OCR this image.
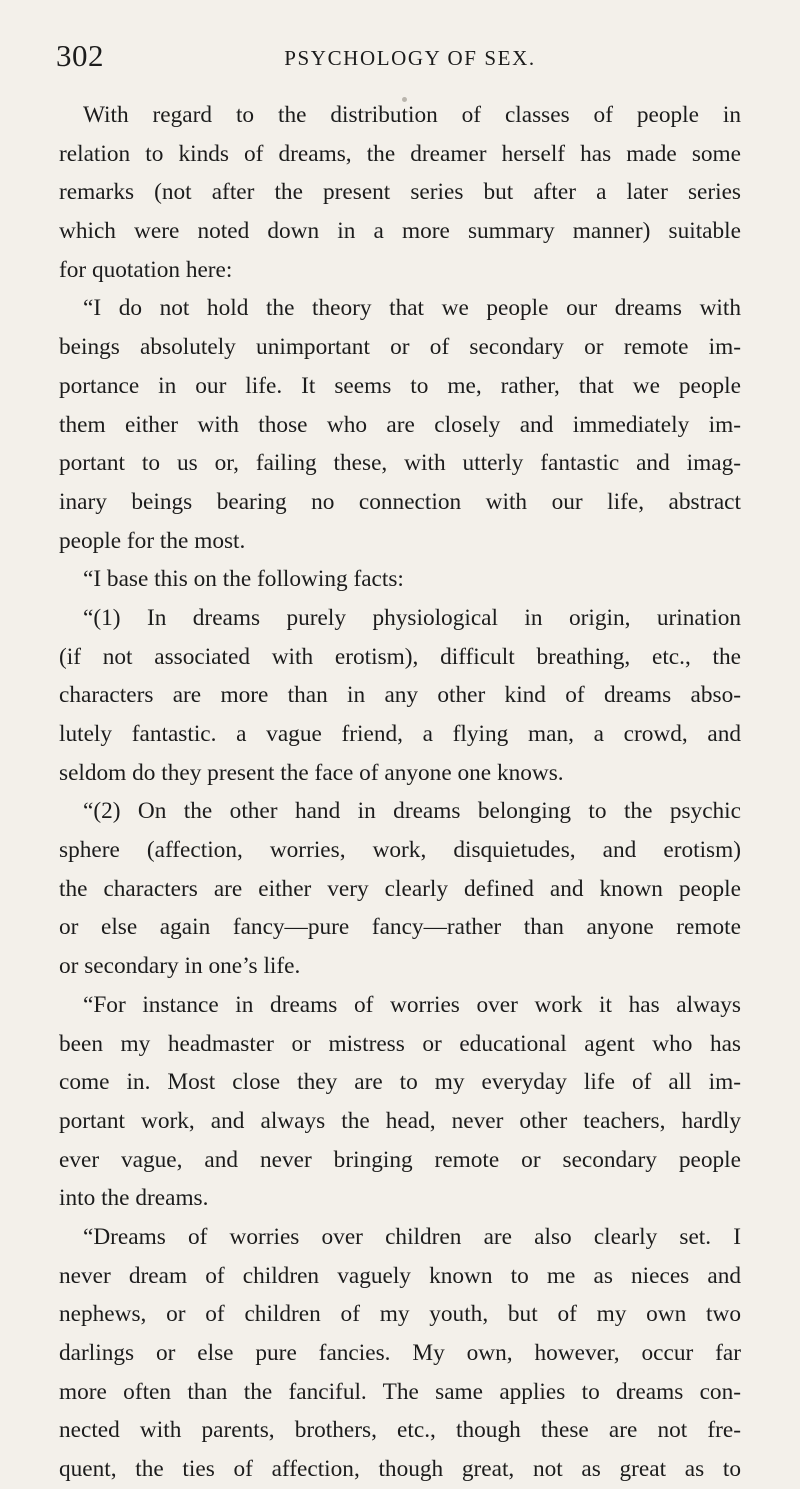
302	PSYCHOLOGY OF SEX.
With regard to the distribution of classes of people in
relation to kinds of dreams, the dreamer herself has made some
remarks (not after the present series but after a later series
which were noted down in a more summary manner) suitable
for quotation here:
“I do not hold the theory that we people our dreams with
beings absolutely unimportant or of secondary or remote im-
portance in our life. It seems to me, rather, that we people
them either with those who are closely and immediately im-
portant to us or, failing these, with utterly fantastic and imag-
inary beings bearing no connection with our life, abstract
people for the most.
“I base this on the following facts:
“(1) In dreams purely physiological in origin, urination
(if not associated with erotism), difficult breathing, etc., the
characters are more than in any other kind of dreams abso-
lutely fantastic. a vague friend, a flying man, a crowd, and
seldom do they present the face of anyone one knows.
“(2) On the other hand in dreams belonging to the psychic
sphere (affection, worries, work, disquietudes, and erotism)
the characters are either very clearly defined and known people
or else again fancy—pure fancy—rather than anyone remote
or secondary in one’s life.
“For instance in dreams of worries over work it has always
been my headmaster or mistress or educational agent who has
come in. Most close they are to my everyday life of all im-
portant work, and always the head, never other teachers, hardly
ever vague, and never bringing remote or secondary people
into the dreams.
“Dreams of worries over children are also clearly set. I
never dream of children vaguely known to me as nieces and
nephews, or of children of my youth, but of my own two
darlings or else pure fancies. My own, however, occur far
more often than the fanciful. The same applies to dreams con-
nected with parents, brothers, etc., though these are not fre-
quent, the ties of affection, though great, not as great as to
